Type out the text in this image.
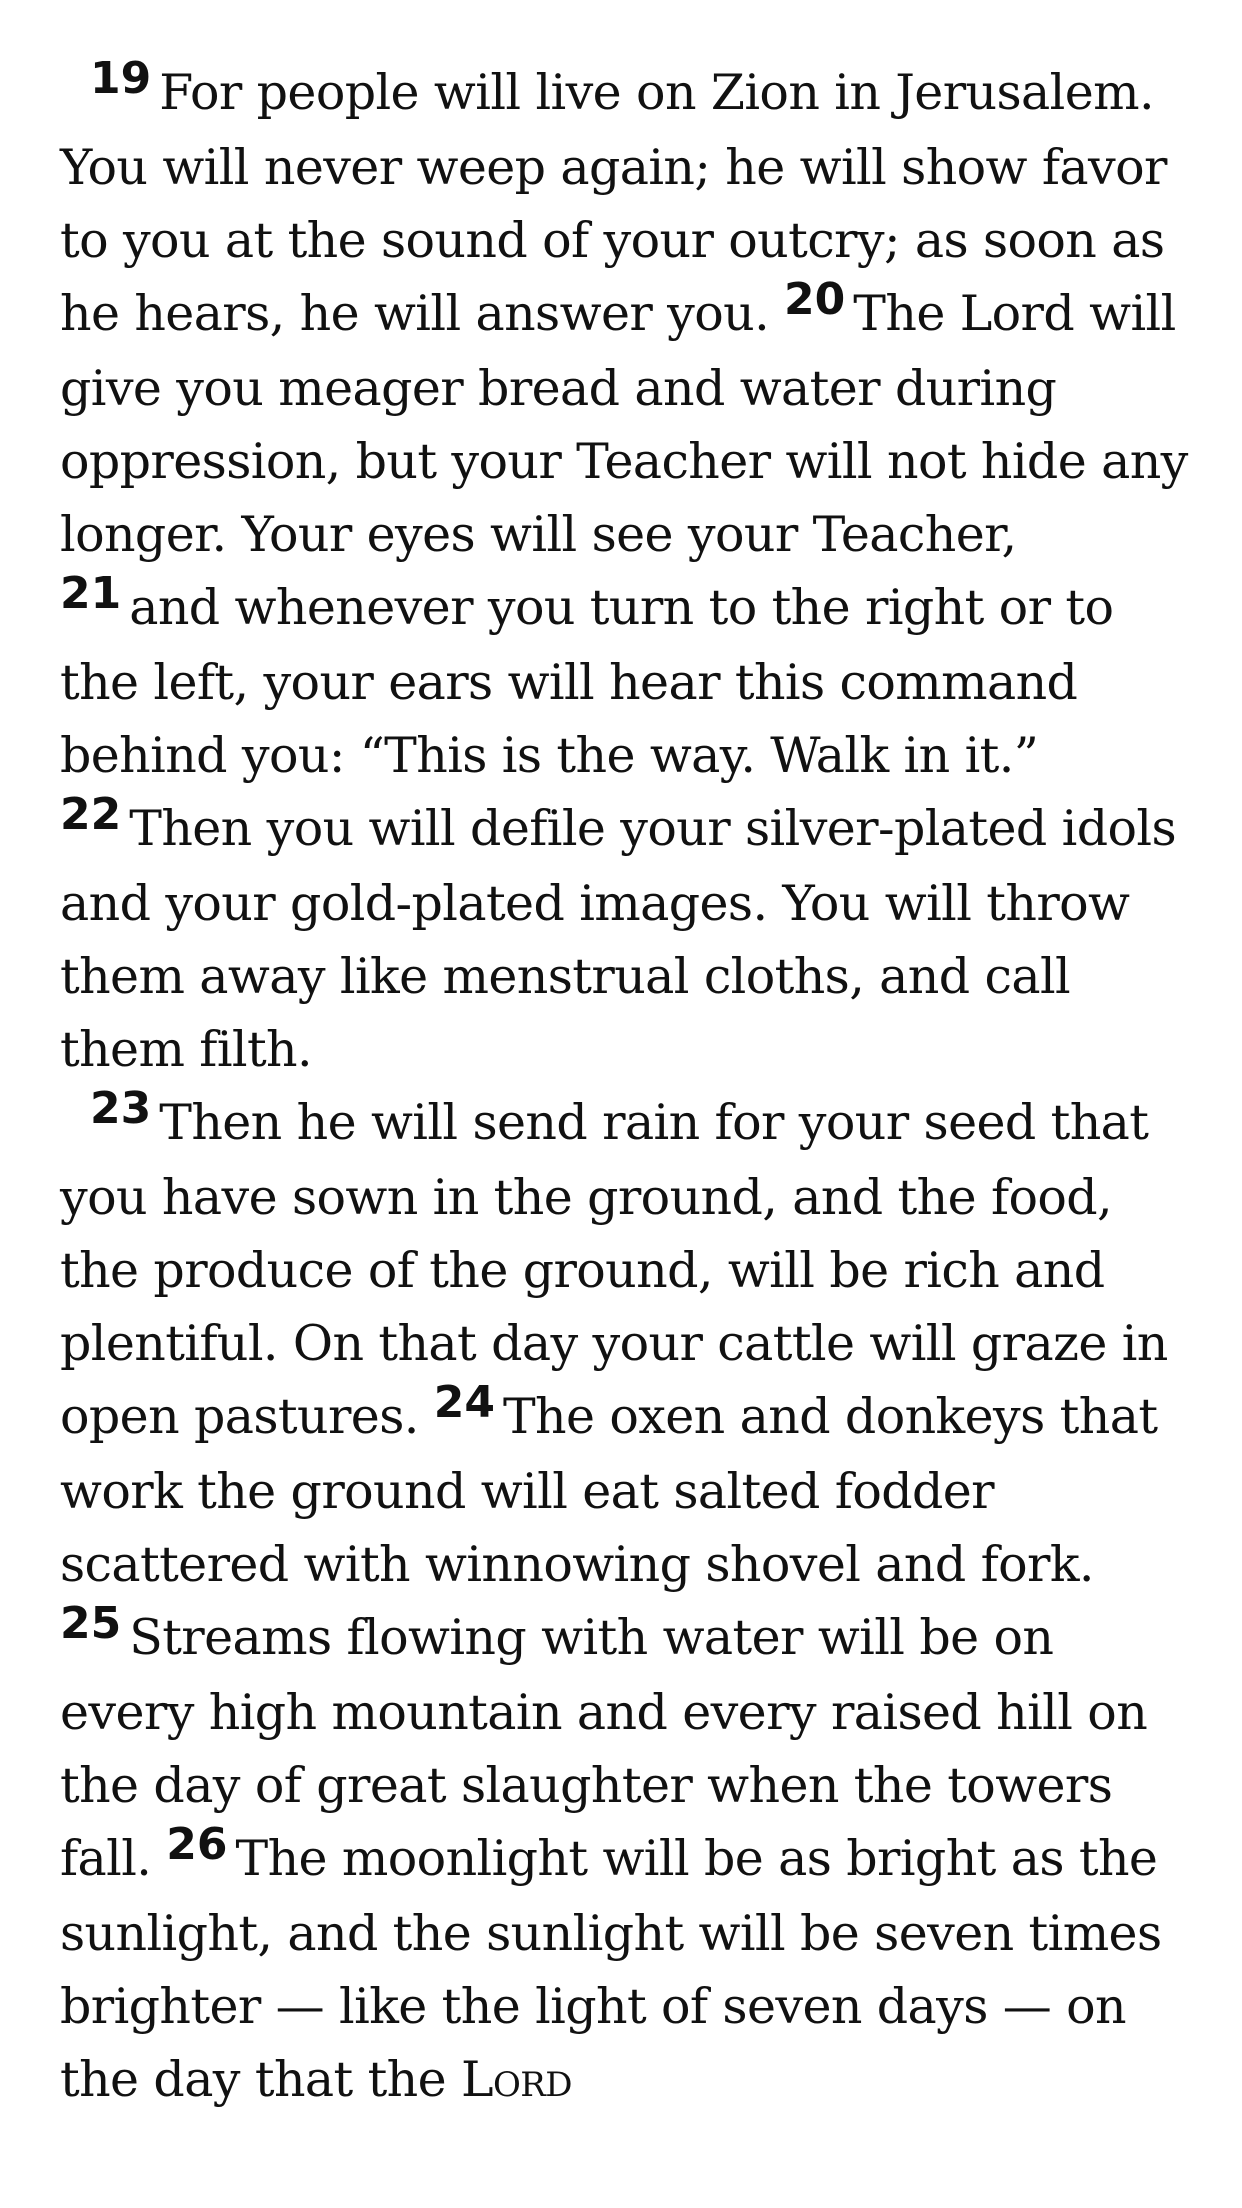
19 For people will live on Zion in Jerusalem. You will never weep again; he will show favor to you at the sound of your outcry; as soon as he hears, he will answer you. 20 The Lord will give you meager bread and water during oppression, but your Teacher will not hide any longer. Your eyes will see your Teacher, 21 and whenever you turn to the right or to the left, your ears will hear this command behind you: “This is the way. Walk in it.” 22 Then you will defile your silver-plated idols and your gold-plated images. You will throw them away like menstrual cloths, and call them filth.

23 Then he will send rain for your seed that you have sown in the ground, and the food, the produce of the ground, will be rich and plentiful. On that day your cattle will graze in open pastures. 24 The oxen and donkeys that work the ground will eat salted fodder scattered with winnowing shovel and fork. 25 Streams flowing with water will be on every high mountain and every raised hill on the day of great slaughter when the towers fall. 26 The moonlight will be as bright as the sunlight, and the sunlight will be seven times brighter — like the light of seven days — on the day that the Lord
